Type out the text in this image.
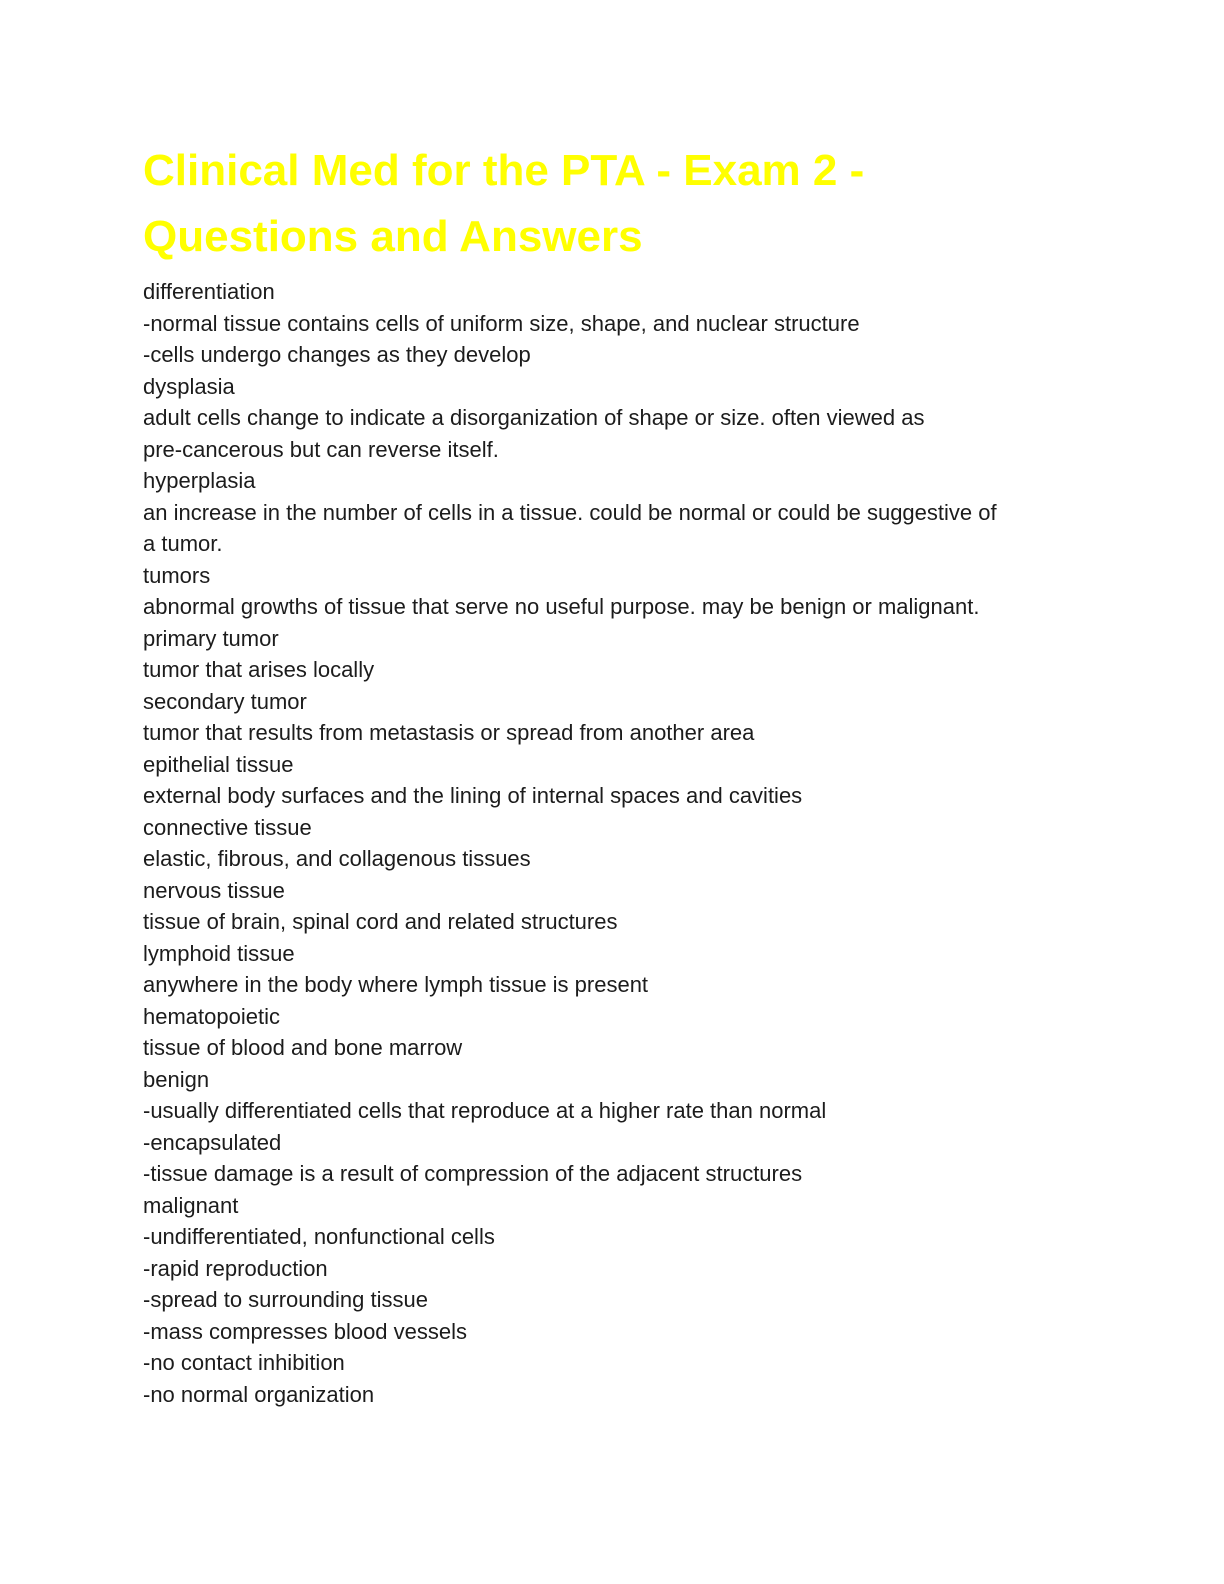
Clinical Med for the PTA - Exam 2 -
Questions and Answers

differentiation

-normal tissue contains cells of uniform size, shape, and nuclear structure

-cells undergo changes as they develop

dysplasia

adult cells change to indicate a disorganization of shape or size. often viewed as

pre-cancerous but can reverse itself.

hyperplasia

an increase in the number of cells in a tissue. could be normal or could be suggestive of

a tumor.

tumors

abnormal growths of tissue that serve no useful purpose. may be benign or malignant.

primary tumor

tumor that arises locally

secondary tumor

tumor that results from metastasis or spread from another area

epithelial tissue

external body surfaces and the lining of internal spaces and cavities

connective tissue

elastic, fibrous, and collagenous tissues

nervous tissue

tissue of brain, spinal cord and related structures

lymphoid tissue

anywhere in the body where lymph tissue is present

hematopoietic

tissue of blood and bone marrow

benign

-usually differentiated cells that reproduce at a higher rate than normal

-encapsulated

-tissue damage is a result of compression of the adjacent structures

malignant

-undifferentiated, nonfunctional cells

-rapid reproduction

-spread to surrounding tissue

-mass compresses blood vessels

-no contact inhibition

-no normal organization
